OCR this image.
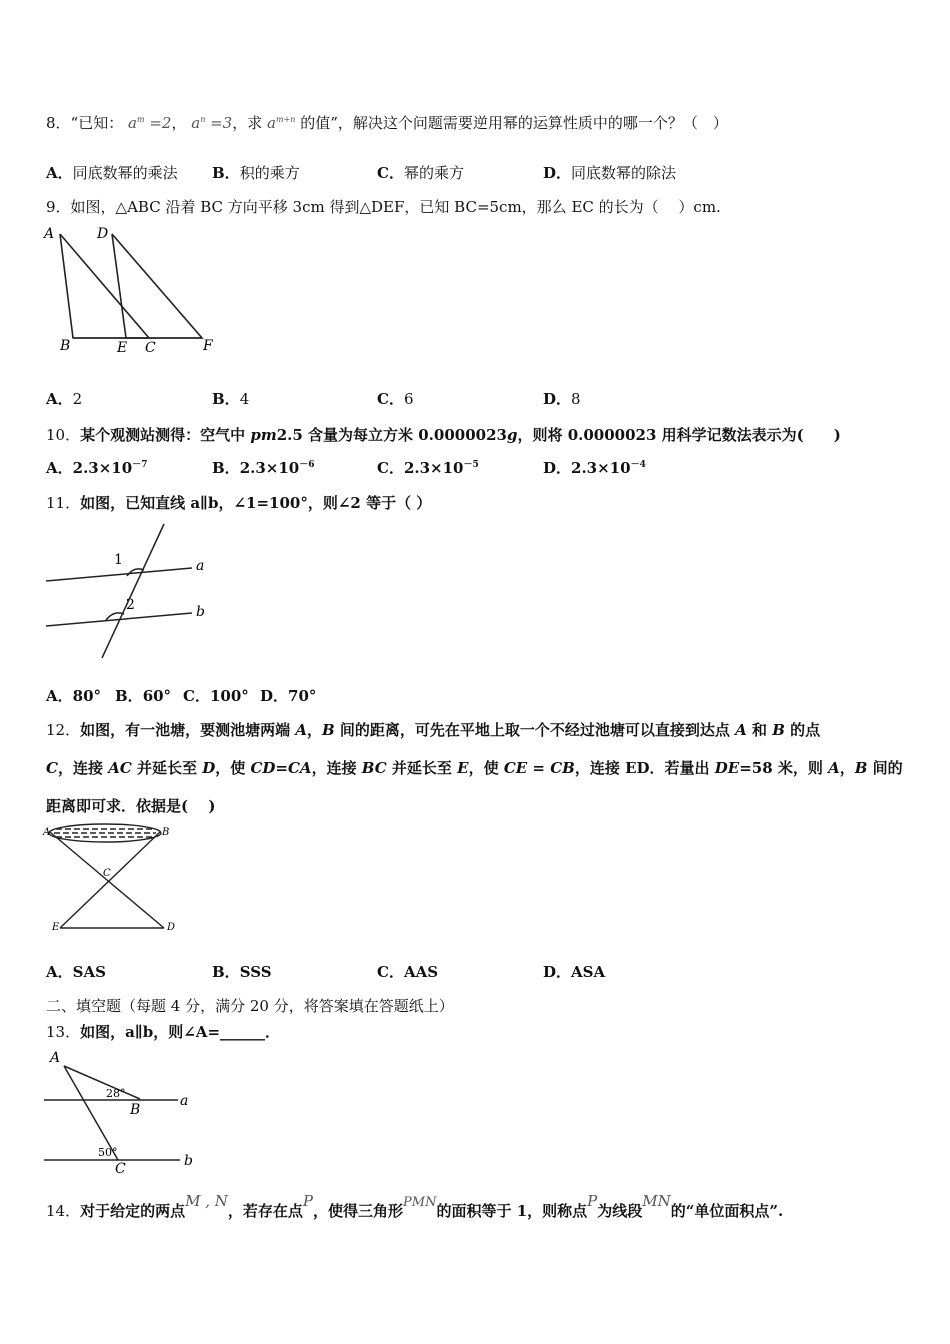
8．“已知： $a^m =2$， $a^n =3$，求 $a^{m+n}$ 的值”，解决这个问题需要逆用幂的运算性质中的哪一个？（　）
A．同底数幂的乘法 B．积的乘方	C．幂的乘方	D．同底数幂的除法
9．如图，△ABC 沿着 BC 方向平移 3cm 得到△DEF，已知 BC=5cm，那么 EC 的长为（　 ）cm.
A	D
B	E C	F
A．2	B．4	C．6	D．8
10．某个观测站测得：空气中 pm2.5 含量为每立方米 0.0000023g，则将 0.0000023 用科学记数法表示为(　　)
A．$2.3\times 10^{-7}$	B．$2.3\times 10^{-6}$	C．$2.3\times 10^{-5}$	D．$2.3\times 10^{-4}$
11．如图，已知直线 a∥b，∠1=100°，则∠2 等于（ ）
1
2
a
b
A．80° B．60° C．100° D．70°
12．如图，有一池塘，要测池塘两端 A，B 间的距离，可先在平地上取一个不经过池塘可以直接到达点 A 和 B 的点
C，连接 AC 并延长至 D，使 CD=CA，连接 BC 并延长至 E，使 CE = CB，连接 ED．若量出 DE=58 米，则 A，B 间的
距离即可求．依据是(　 )
A	B
C
E	D
A．SAS	B．SSS	C．AAS	D．ASA
二、填空题（每题 4 分，满分 20 分，将答案填在答题纸上）
13．如图，a∥b，则∠A=______．
A
28°
B
a
50°
C	b
14．对于给定的两点M , N，若存在点P，使得三角形PMN的面积等于 1，则称点P为线段MN的“单位面积点”.
